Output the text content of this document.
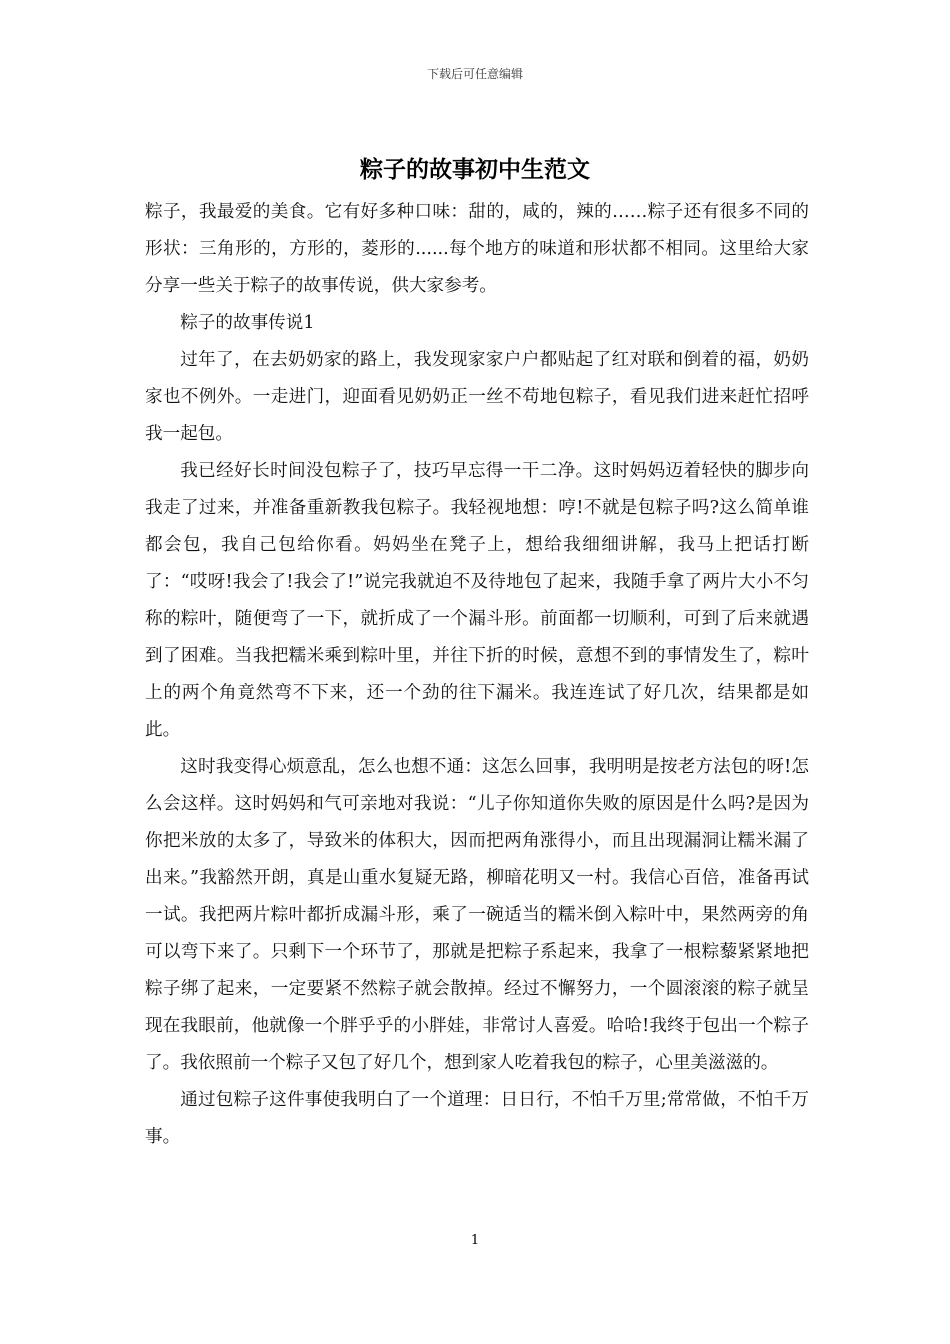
下载后可任意编辑
粽子的故事初中生范文

粽子，我最爱的美食。它有好多种口味：甜的，咸的，辣的……粽子还有很多不同的形状：三角形的，方形的，菱形的......每个地方的味道和形状都不相同。这里给大家分享一些关于粽子的故事传说，供大家参考。

粽子的故事传说1

过年了，在去奶奶家的路上，我发现家家户户都贴起了红对联和倒着的福，奶奶家也不例外。一走进门，迎面看见奶奶正一丝不苟地包粽子，看见我们进来赶忙招呼我一起包。

我已经好长时间没包粽子了，技巧早忘得一干二净。这时妈妈迈着轻快的脚步向我走了过来，并准备重新教我包粽子。我轻视地想：哼!不就是包粽子吗?这么简单谁都会包，我自己包给你看。妈妈坐在凳子上，想给我细细讲解，我马上把话打断了：“哎呀!我会了!我会了!”说完我就迫不及待地包了起来，我随手拿了两片大小不匀称的粽叶，随便弯了一下，就折成了一个漏斗形。前面都一切顺利，可到了后来就遇到了困难。当我把糯米乘到粽叶里，并往下折的时候，意想不到的事情发生了，粽叶上的两个角竟然弯不下来，还一个劲的往下漏米。我连连试了好几次，结果都是如此。

这时我变得心烦意乱，怎么也想不通：这怎么回事，我明明是按老方法包的呀!怎么会这样。这时妈妈和气可亲地对我说：“儿子你知道你失败的原因是什么吗?是因为你把米放的太多了，导致米的体积大，因而把两角涨得小，而且出现漏洞让糯米漏了出来。”我豁然开朗，真是山重水复疑无路，柳暗花明又一村。我信心百倍，准备再试一试。我把两片粽叶都折成漏斗形，乘了一碗适当的糯米倒入粽叶中，果然两旁的角可以弯下来了。只剩下一个环节了，那就是把粽子系起来，我拿了一根粽藜紧紧地把粽子绑了起来，一定要紧不然粽子就会散掉。经过不懈努力，一个圆滚滚的粽子就呈现在我眼前，他就像一个胖乎乎的小胖娃，非常讨人喜爱。哈哈!我终于包出一个粽子了。我依照前一个粽子又包了好几个，想到家人吃着我包的粽子，心里美滋滋的。

通过包粽子这件事使我明白了一个道理：日日行，不怕千万里;常常做，不怕千万事。

1
